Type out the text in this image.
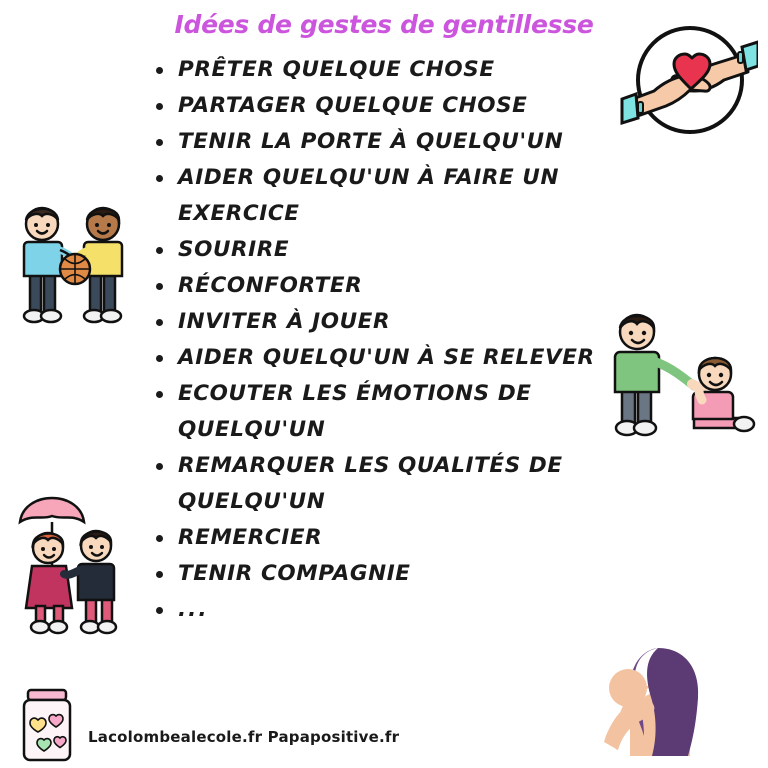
Idées de gestes de gentillesse
PRÊTER QUELQUE CHOSE
PARTAGER QUELQUE CHOSE
TENIR LA PORTE À QUELQU'UN
AIDER QUELQU'UN À FAIRE UN EXERCICE
SOURIRE
RÉCONFORTER
INVITER À JOUER
AIDER QUELQU'UN À SE RELEVER
ECOUTER LES ÉMOTIONS DE QUELQU'UN
REMARQUER LES QUALITÉS DE QUELQU'UN
REMERCIER
TENIR COMPAGNIE
...
Lacolombealecole.fr Papapositive.fr
